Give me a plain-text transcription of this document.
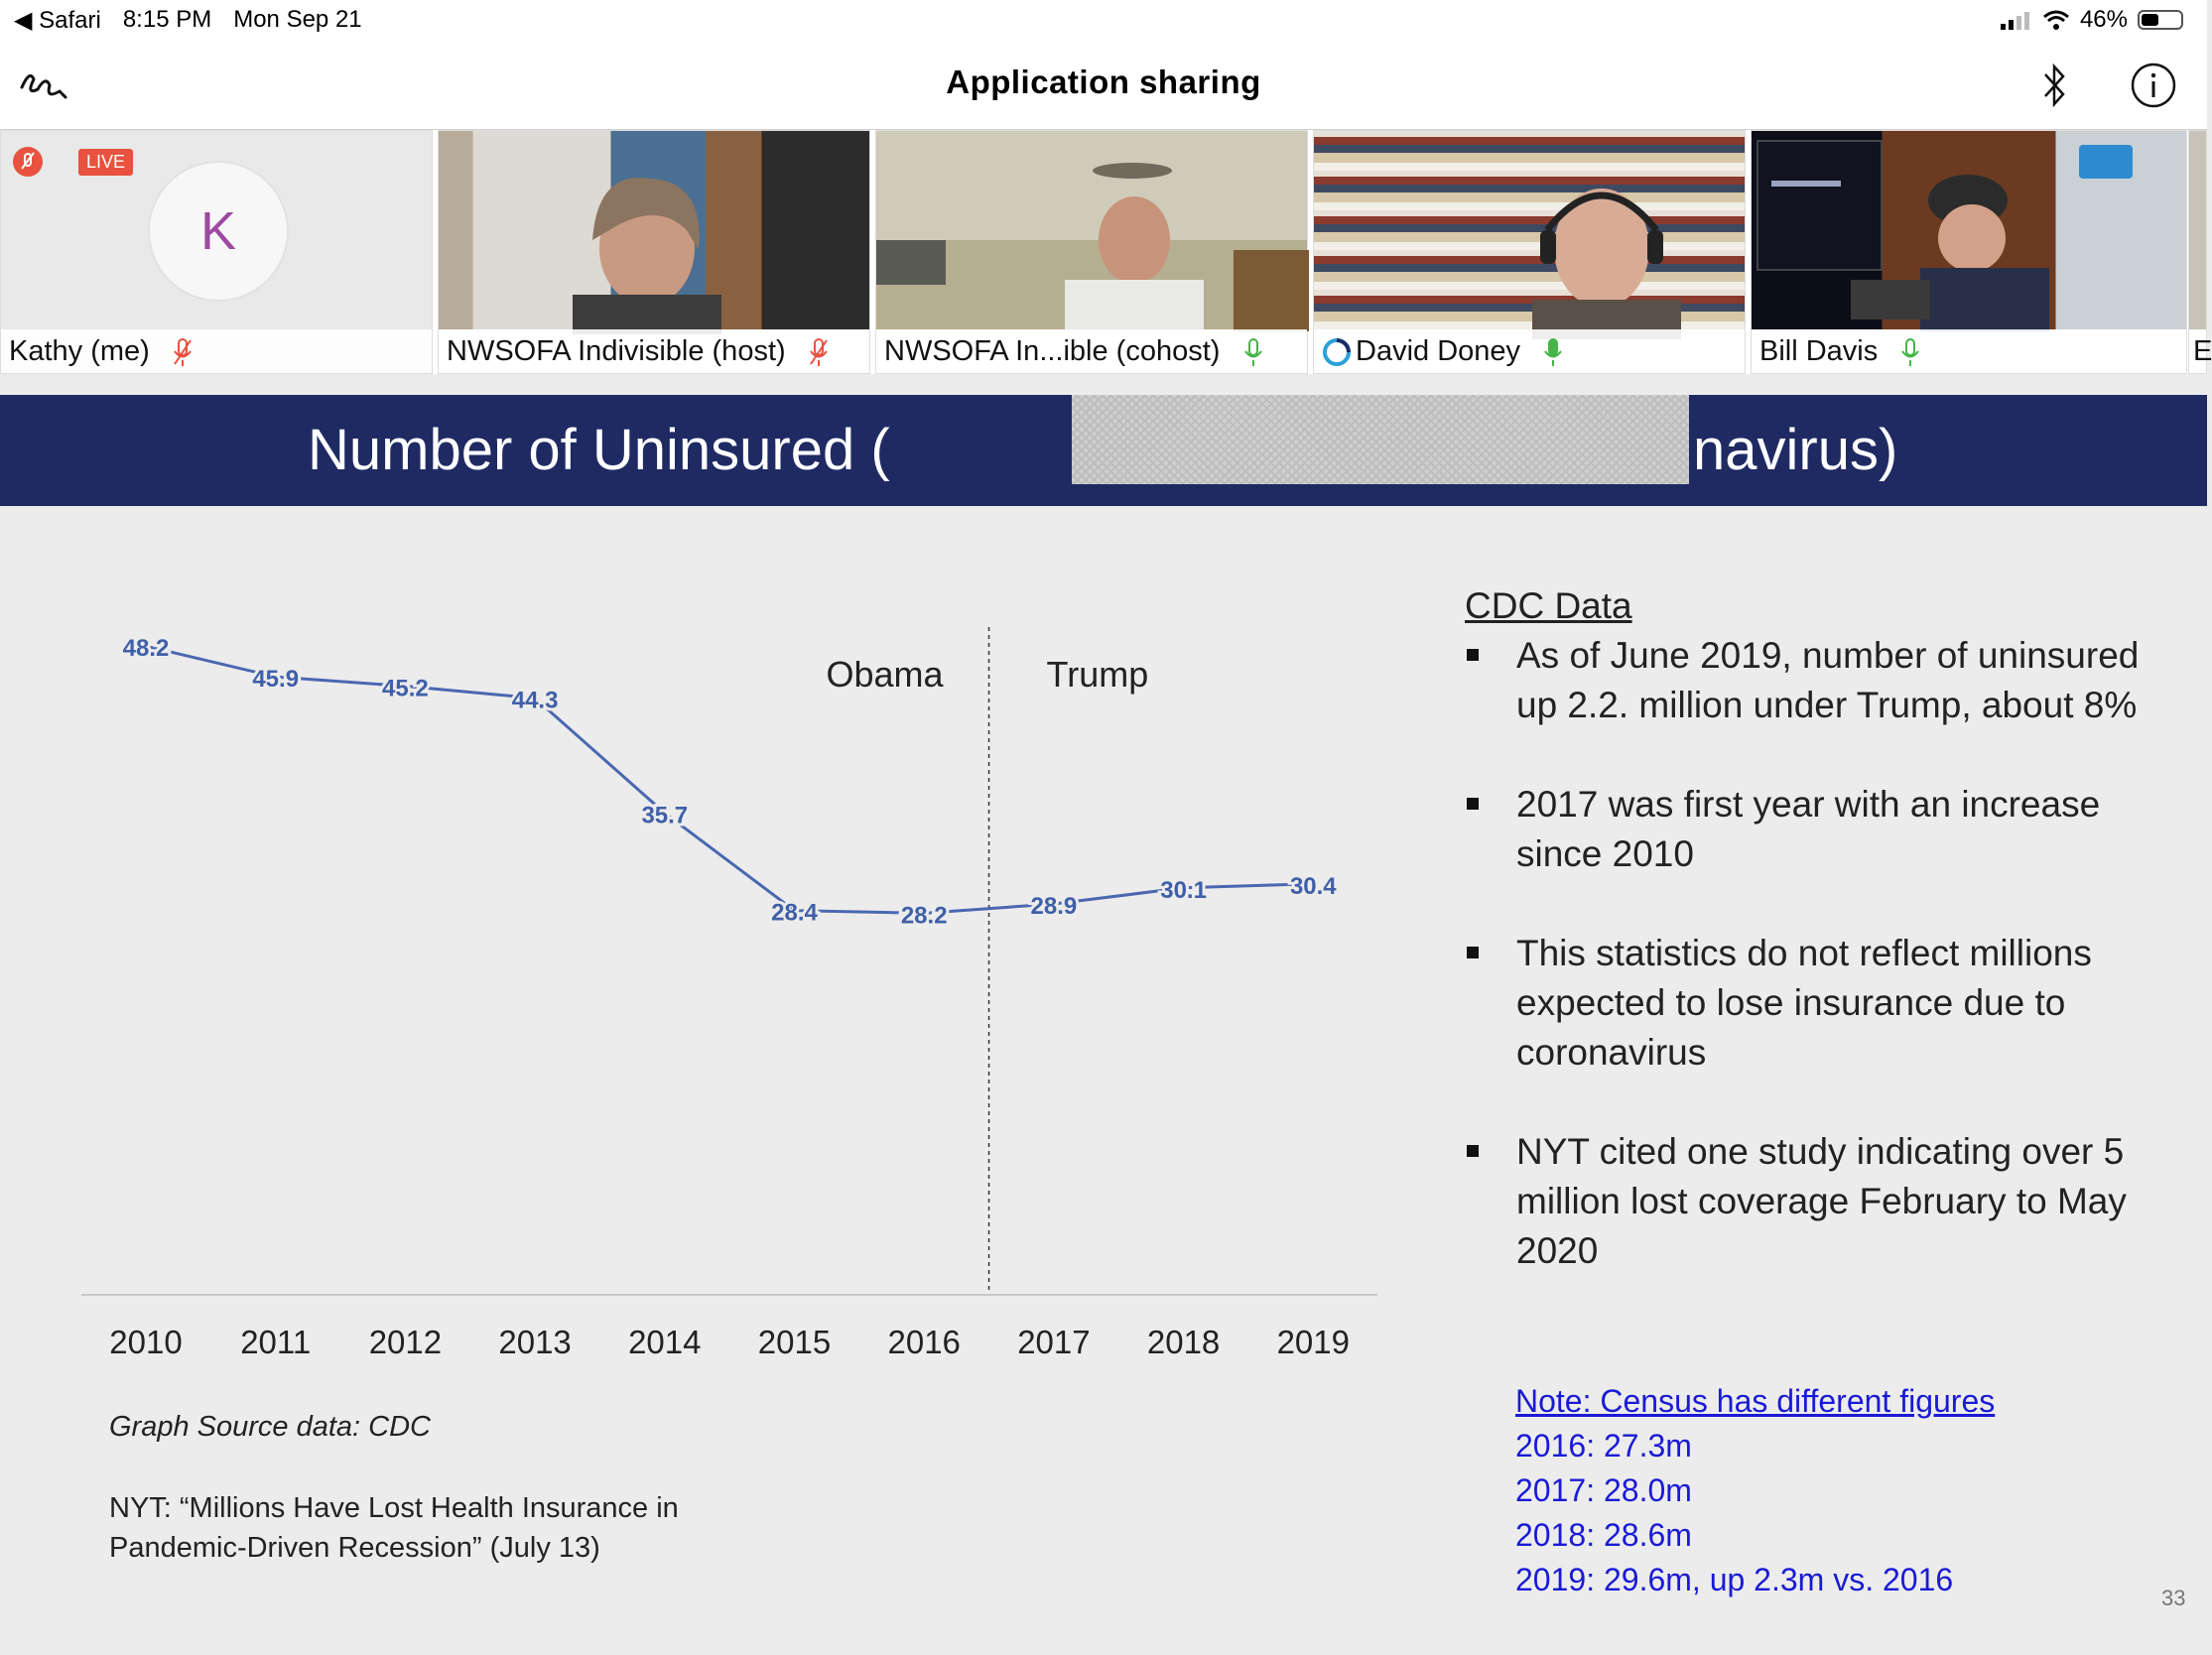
◀ Safari 8:15 PM Mon Sep 21	46%
Application sharing
LIVE
K
Kathy (me)	NWSOFA Indivisible (host)	NWSOFA In...ible (cohost)	David Doney	Bill Davis	E
Number of Uninsured (	navirus)
Obama	Trump
48.2
45.9	45.2	44.3
35.7
28.4	28.2	28.9
30.1	30.4
2010 2011 2012 2013 2014 2015 2016 2017 2018 2019
CDC Data
As of June 2019, number of uninsured up 2.2. million under Trump, about 8%
2017 was first year with an increase since 2010
This statistics do not reflect millions expected to lose insurance due to coronavirus
NYT cited one study indicating over 5 million lost coverage February to May 2020
Note: Census has different figures
2016: 27.3m
2017: 28.0m
2018: 28.6m
2019: 29.6m, up 2.3m vs. 2016
Graph Source data: CDC
NYT: “Millions Have Lost Health Insurance in
Pandemic-Driven Recession” (July 13)
33
